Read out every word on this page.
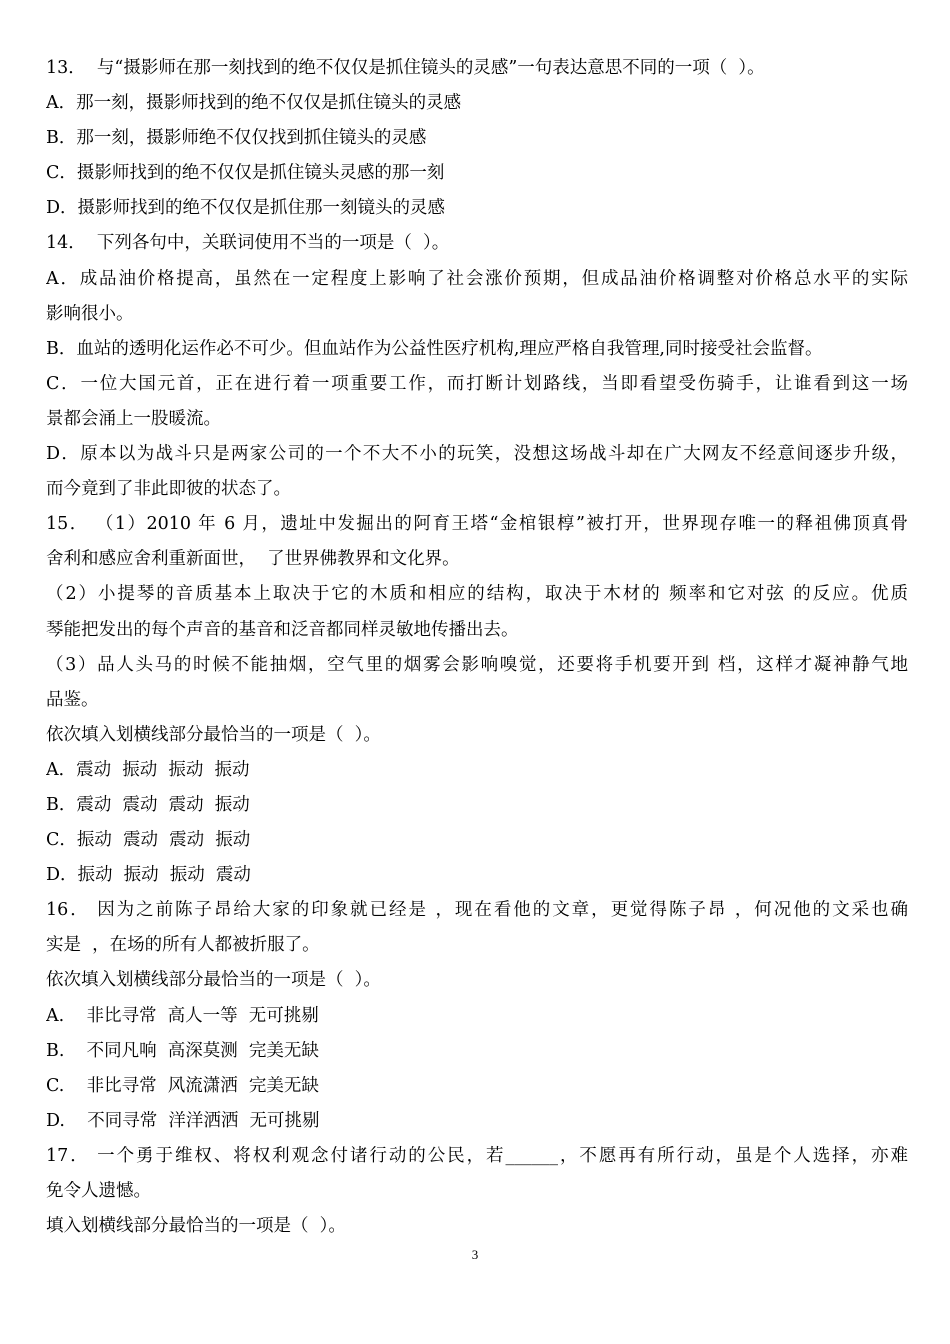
13．  与“摄影师在那一刻找到的绝不仅仅是抓住镜头的灵感”一句表达意思不同的一项（  ）。
A．那一刻，摄影师找到的绝不仅仅是抓住镜头的灵感
B．那一刻，摄影师绝不仅仅找到抓住镜头的灵感
C．摄影师找到的绝不仅仅是抓住镜头灵感的那一刻
D．摄影师找到的绝不仅仅是抓住那一刻镜头的灵感
14．  下列各句中，关联词使用不当的一项是（  ）。
A．成品油价格提高，虽然在一定程度上影响了社会涨价预期，但成品油价格调整对价格总水平的实际
影响很小。
B．血站的透明化运作必不可少。但血站作为公益性医疗机构,理应严格自我管理,同时接受社会监督。
C．一位大国元首，正在进行着一项重要工作，而打断计划路线，当即看望受伤骑手，让谁看到这一场
景都会涌上一股暖流。
D．原本以为战斗只是两家公司的一个不大不小的玩笑，没想这场战斗却在广大网友不经意间逐步升级，
而今竟到了非此即彼的状态了。
15． （1）2010 年 6 月，遗址中发掘出的阿育王塔“金棺银椁”被打开，世界现存唯一的释祖佛顶真骨
舍利和感应舍利重新面世，  了世界佛教界和文化界。
（2）小提琴的音质基本上取决于它的木质和相应的结构，取决于木材的 频率和它对弦 的反应。优质
琴能把发出的每个声音的基音和泛音都同样灵敏地传播出去。
（3）品人头马的时候不能抽烟，空气里的烟雾会影响嗅觉，还要将手机要开到 档，这样才凝神静气地
品鉴。
依次填入划横线部分最恰当的一项是（  ）。
A．震动  振动  振动  振动
B．震动  震动  震动  振动
C．振动  震动  震动  振动
D．振动  振动  振动  震动
16． 因为之前陈子昂给大家的印象就已经是 ，现在看他的文章，更觉得陈子昂 ，何况他的文采也确
实是  ，在场的所有人都被折服了。
依次填入划横线部分最恰当的一项是（  ）。
A.    非比寻常  高人一等  无可挑剔
B.    不同凡响  高深莫测  完美无缺
C.    非比寻常  风流潇洒  完美无缺
D.    不同寻常  洋洋洒洒  无可挑剔
17． 一个勇于维权、将权利观念付诸行动的公民，若______，不愿再有所行动，虽是个人选择，亦难
免令人遗憾。
填入划横线部分最恰当的一项是（  ）。
3
